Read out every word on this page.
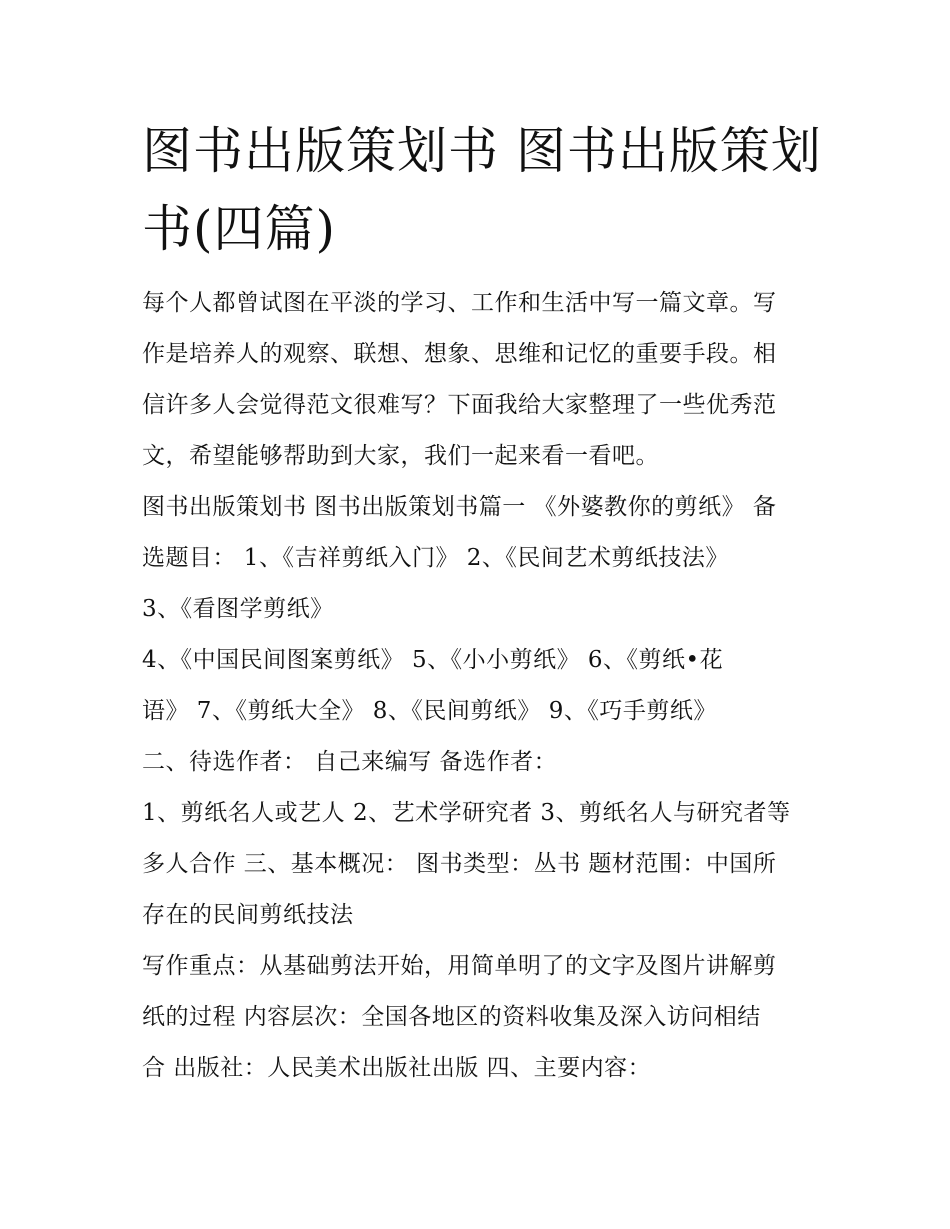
图书出版策划书 图书出版策划
书(四篇)

每个人都曾试图在平淡的学习、工作和生活中写一篇文章。写

作是培养人的观察、联想、想象、思维和记忆的重要手段。相

信许多人会觉得范文很难写？下面我给大家整理了一些优秀范

文，希望能够帮助到大家，我们一起来看一看吧。

图书出版策划书 图书出版策划书篇一 《外婆教你的剪纸》 备

选题目： 1、《吉祥剪纸入门》 2、《民间艺术剪纸技法》

3、《看图学剪纸》

4、《中国民间图案剪纸》 5、《小小剪纸》 6、《剪纸•花

语》 7、《剪纸大全》 8、《民间剪纸》 9、《巧手剪纸》

二、待选作者： 自己来编写 备选作者：

1、剪纸名人或艺人 2、艺术学研究者 3、剪纸名人与研究者等

多人合作 三、基本概况： 图书类型：丛书 题材范围：中国所

存在的民间剪纸技法

写作重点：从基础剪法开始，用简单明了的文字及图片讲解剪

纸的过程 内容层次：全国各地区的资料收集及深入访问相结

合 出版社：人民美术出版社出版 四、主要内容：
